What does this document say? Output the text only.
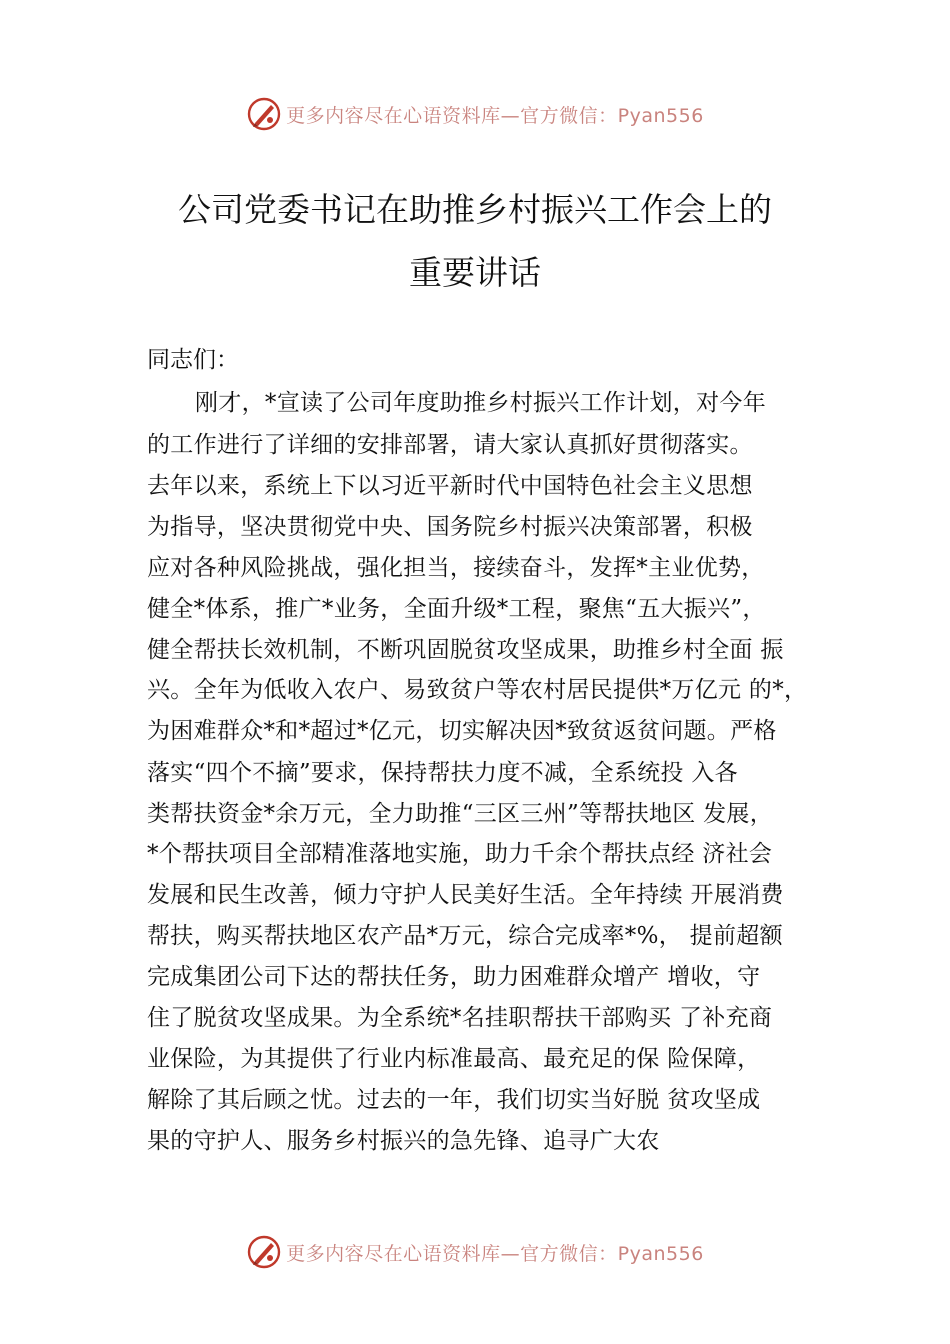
更多内容尽在心语资料库—官方微信：Pyan556
公司党委书记在助推乡村振兴工作会上的
重要讲话
同志们：
刚才，*宣读了公司年度助推乡村振兴工作计划，对今年
的工作进行了详细的安排部署，请大家认真抓好贯彻落实。
去年以来，系统上下以习近平新时代中国特色社会主义思想
为指导，坚决贯彻党中央、国务院乡村振兴决策部署，积极
应对各种风险挑战，强化担当，接续奋斗，发挥*主业优势，
健全*体系，推广*业务，全面升级*工程，聚焦“五大振兴”，
健全帮扶长效机制，不断巩固脱贫攻坚成果，助推乡村全面 振
兴。全年为低收入农户、易致贫户等农村居民提供*万亿元 的*，
为困难群众*和*超过*亿元，切实解决因*致贫返贫问题。严格
落实“四个不摘”要求，保持帮扶力度不减，全系统投 入各
类帮扶资金*余万元，全力助推“三区三州”等帮扶地区 发展，
*个帮扶项目全部精准落地实施，助力千余个帮扶点经 济社会
发展和民生改善，倾力守护人民美好生活。全年持续 开展消费
帮扶，购买帮扶地区农产品*万元，综合完成率*%， 提前超额
完成集团公司下达的帮扶任务，助力困难群众增产 增收，守
住了脱贫攻坚成果。为全系统*名挂职帮扶干部购买 了补充商
业保险，为其提供了行业内标准最高、最充足的保 险保障，
解除了其后顾之忧。过去的一年，我们切实当好脱 贫攻坚成
果的守护人、服务乡村振兴的急先锋、追寻广大农
更多内容尽在心语资料库—官方微信：Pyan556
